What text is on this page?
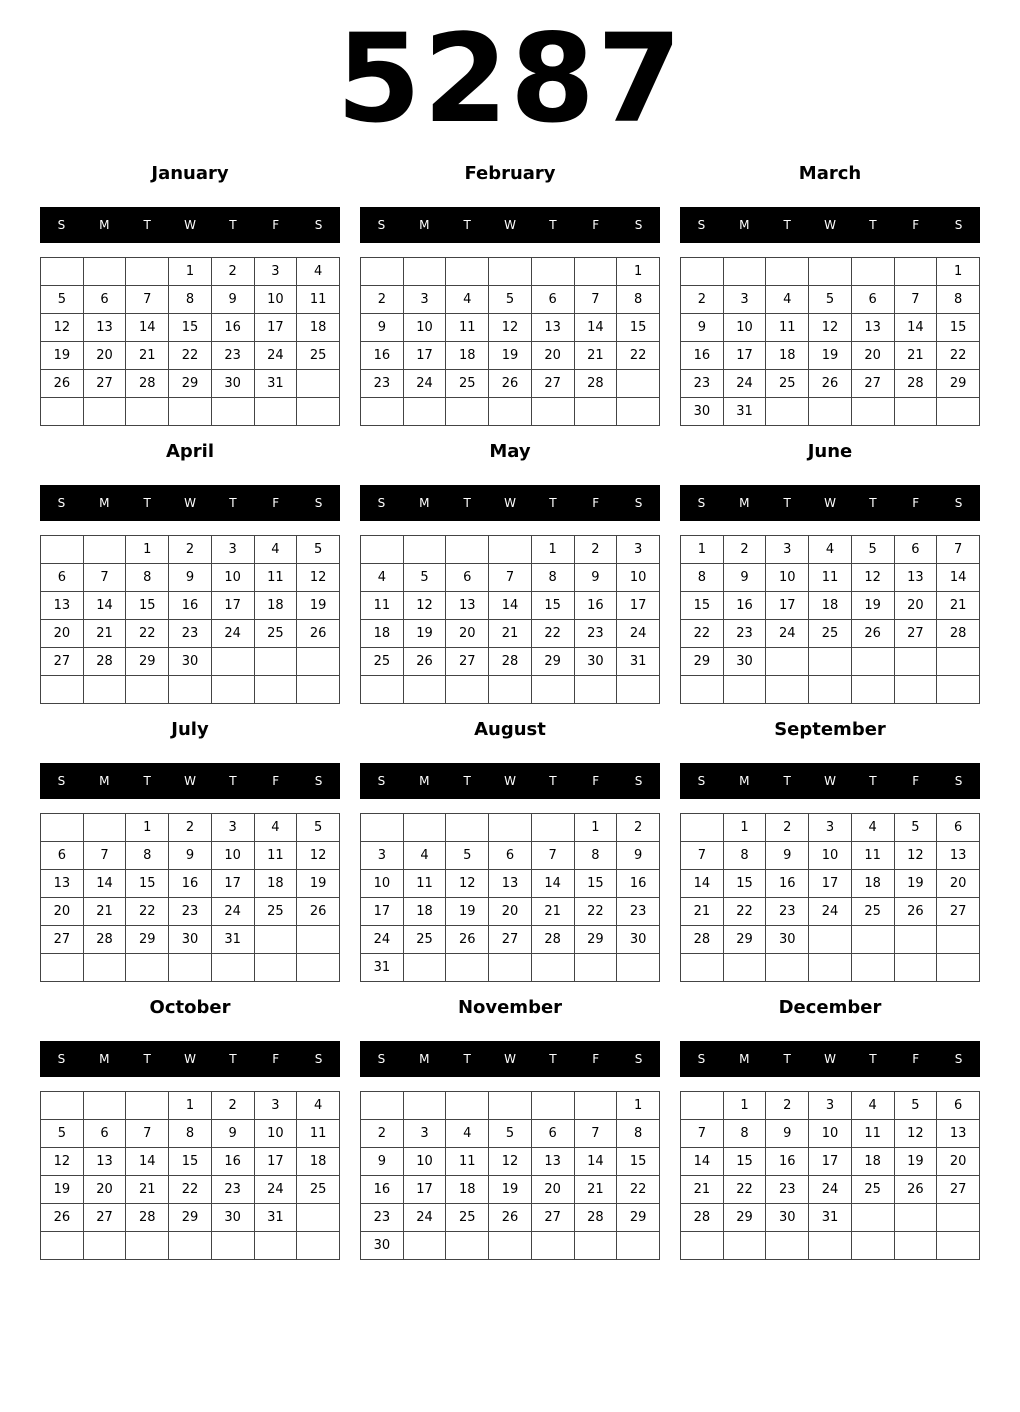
5287
January
S	M	T	W	T	F	S
			1	2	3	4
5	6	7	8	9	10	11
12	13	14	15	16	17	18
19	20	21	22	23	24	25
26	27	28	29	30	31	

February
S	M	T	W	T	F	S
						1
2	3	4	5	6	7	8
9	10	11	12	13	14	15
16	17	18	19	20	21	22
23	24	25	26	27	28	

March
S	M	T	W	T	F	S
						1
2	3	4	5	6	7	8
9	10	11	12	13	14	15
16	17	18	19	20	21	22
23	24	25	26	27	28	29
30	31					
April
S	M	T	W	T	F	S
		1	2	3	4	5
6	7	8	9	10	11	12
13	14	15	16	17	18	19
20	21	22	23	24	25	26
27	28	29	30			

May
S	M	T	W	T	F	S
				1	2	3
4	5	6	7	8	9	10
11	12	13	14	15	16	17
18	19	20	21	22	23	24
25	26	27	28	29	30	31

June
S	M	T	W	T	F	S
1	2	3	4	5	6	7
8	9	10	11	12	13	14
15	16	17	18	19	20	21
22	23	24	25	26	27	28
29	30					

July
S	M	T	W	T	F	S
		1	2	3	4	5
6	7	8	9	10	11	12
13	14	15	16	17	18	19
20	21	22	23	24	25	26
27	28	29	30	31		

August
S	M	T	W	T	F	S
					1	2
3	4	5	6	7	8	9
10	11	12	13	14	15	16
17	18	19	20	21	22	23
24	25	26	27	28	29	30
31						
September
S	M	T	W	T	F	S
	1	2	3	4	5	6
7	8	9	10	11	12	13
14	15	16	17	18	19	20
21	22	23	24	25	26	27
28	29	30				

October
S	M	T	W	T	F	S
			1	2	3	4
5	6	7	8	9	10	11
12	13	14	15	16	17	18
19	20	21	22	23	24	25
26	27	28	29	30	31	

November
S	M	T	W	T	F	S
						1
2	3	4	5	6	7	8
9	10	11	12	13	14	15
16	17	18	19	20	21	22
23	24	25	26	27	28	29
30						
December
S	M	T	W	T	F	S
	1	2	3	4	5	6
7	8	9	10	11	12	13
14	15	16	17	18	19	20
21	22	23	24	25	26	27
28	29	30	31			
